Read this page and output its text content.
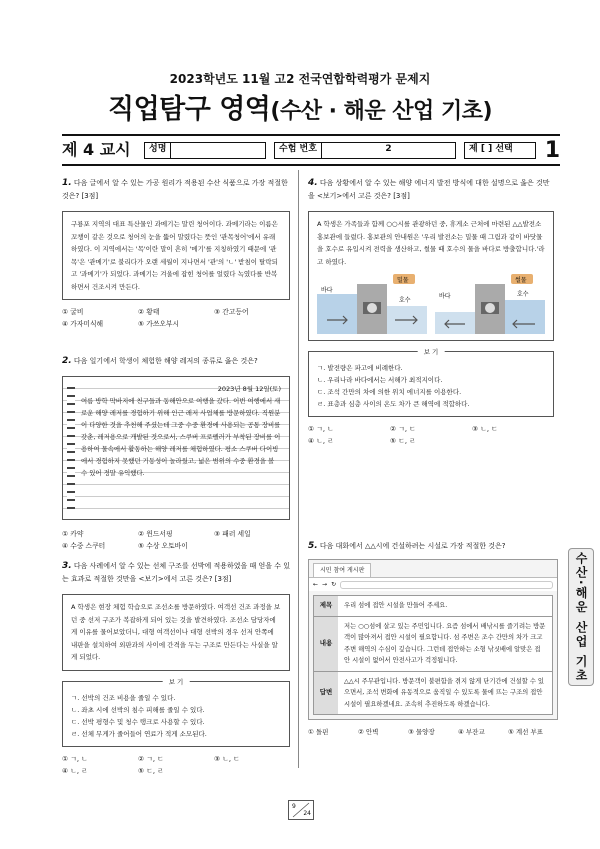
2023학년도 11월 고2 전국연합학력평가 문제지
직업탐구 영역(수산 · 해운 산업 기초)
제 4 교시	성명	수험 번호	2	제 [ ] 선택 1
1. 다음 글에서 알 수 있는 가공 원리가 적용된 수산 식품으로 가장 적절한 것은? [3점]
구룡포 지역의 대표 특산물인 과메기는 말린 청어이다. 과메기라는 이름은 꼬챙이 같은 것으로 청어의 눈을 뚫어 말렸다는 뜻인 '관목청어'에서 유래하였다. 이 지역에서는 '목'이란 말이 흔히 '메기'를 지칭하였기 때문에 '관목'은 '관메기'로 불리다가 오랜 세월이 지나면서 '관'의 'ㄴ' 받침이 탈락되고 '과메기'가 되었다. 과메기는 겨울에 잡힌 청어를 얼렸다 녹였다를 반복하면서 건조시켜 만든다.
① 굴비	② 황태	③ 간고등어
④ 가자미식해	⑤ 가쓰오부시
2. 다음 일기에서 학생이 체험한 해양 레저의 종류로 옳은 것은?
2023년 8월 12일(토)
여름 방학 막바지에 친구들과 동해안으로 여행을 갔다. 이번 여행에서 새로운 해양 레저를 경험하기 위해 인근 레저 사업체를 방문하였다. 직원분이 다양한 것을 추천해 주셨는데 그중 수중 환경에 사용되는 공통 장비를 갖춘, 레저용으로 개발된 것으로서, 스쿠버 프로펠러가 부착된 장비를 이용하여 물속에서 활동하는 해양 레저를 체험하였다. 평소 스쿠버 다이빙에서 경험하지 못했던 기동성이 놀라웠고, 넓은 범위의 수중 환경을 볼 수 있어 정말 유익했다.
① 카약	② 윈드서핑	③ 패러 세일
④ 수중 스쿠터	⑤ 수상 오토바이
3. 다음 사례에서 알 수 있는 선체 구조를 선박에 적용하였을 때 얻을 수 있는 효과로 적절한 것만을 <보기>에서 고른 것은? [3점]
A 학생은 현장 체험 학습으로 조선소를 방문하였다. 여객선 건조 과정을 보던 중 선저 구조가 복잡하게 되어 있는 것을 발견하였다. 조선소 담당자에게 이유를 물어보았더니, 대형 여객선이나 대형 선박의 경우 선저 안쪽에 내판을 설치하여 외판과의 사이에 간격을 두는 구조로 만든다는 사실을 알게 되었다.
보 기
ㄱ. 선박의 건조 비용을 줄일 수 있다.
ㄴ. 좌초 시에 선박의 침수 피해를 줄일 수 있다.
ㄷ. 선박 평형수 및 청수 탱크로 사용할 수 있다.
ㄹ. 선체 무게가 줄어들어 연료가 적게 소모된다.
① ㄱ, ㄴ	② ㄱ, ㄷ	③ ㄴ, ㄷ
④ ㄴ, ㄹ	⑤ ㄷ, ㄹ
4. 다음 상황에서 알 수 있는 해양 에너지 발전 방식에 대한 설명으로 옳은 것만을 <보기>에서 고른 것은? [3점]
A 학생은 가족들과 함께 ○○시를 관광하던 중, 휴게소 근처에 마련된 △△발전소 홍보관에 들렀다. 홍보관의 안내원은 '우리 발전소는 밀물 때 그림과 같이 바닷물을 호수로 유입시켜 전력을 생산하고, 썰물 때 호수의 물을 바다로 방출합니다.'라고 하였다.
바다
호수
밀물
바다	호수
썰물
보 기
ㄱ. 발전량은 파고에 비례한다.
ㄴ. 우리나라 바다에서는 서해가 최적지이다.
ㄷ. 조석 간만의 차에 의한 위치 에너지를 이용한다.
ㄹ. 표층과 심층 사이의 온도 차가 큰 해역에 적합하다.
① ㄱ, ㄴ	② ㄱ, ㄷ	③ ㄴ, ㄷ
④ ㄴ, ㄹ	⑤ ㄷ, ㄹ
5. 다음 대화에서 △△시에 건설하려는 시설로 가장 적절한 것은?
시민 참여 게시판
← → ↻
제목	우리 섬에 접안 시설을 만들어 주세요.
내용
저는 ○○섬에 살고 있는 주민입니다. 요즘 섬에서 배낚시를 즐기려는 방문객이 많아져서 접안 시설이 필요합니다. 섬 주변은 조수 간만의 차가 크고 주변 해역의 수심이 깊습니다. 그런데 접안하는 소형 낚싯배에 알맞은 접안 시설이 없어서 안전사고가 걱정됩니다.
답변
△△시 주무관입니다. 방문객이 불편함을 겪지 않게 단기간에 건설할 수 있으면서, 조석 변화에 유동적으로 움직일 수 있도록 물에 뜨는 구조의 접안 시설이 필요하겠네요. 조속히 추진하도록 하겠습니다.
① 돌핀	② 안벽	③ 물양장	④ 부잔교	⑤ 계선 부표
수산·해운 산업 기초
9
24
